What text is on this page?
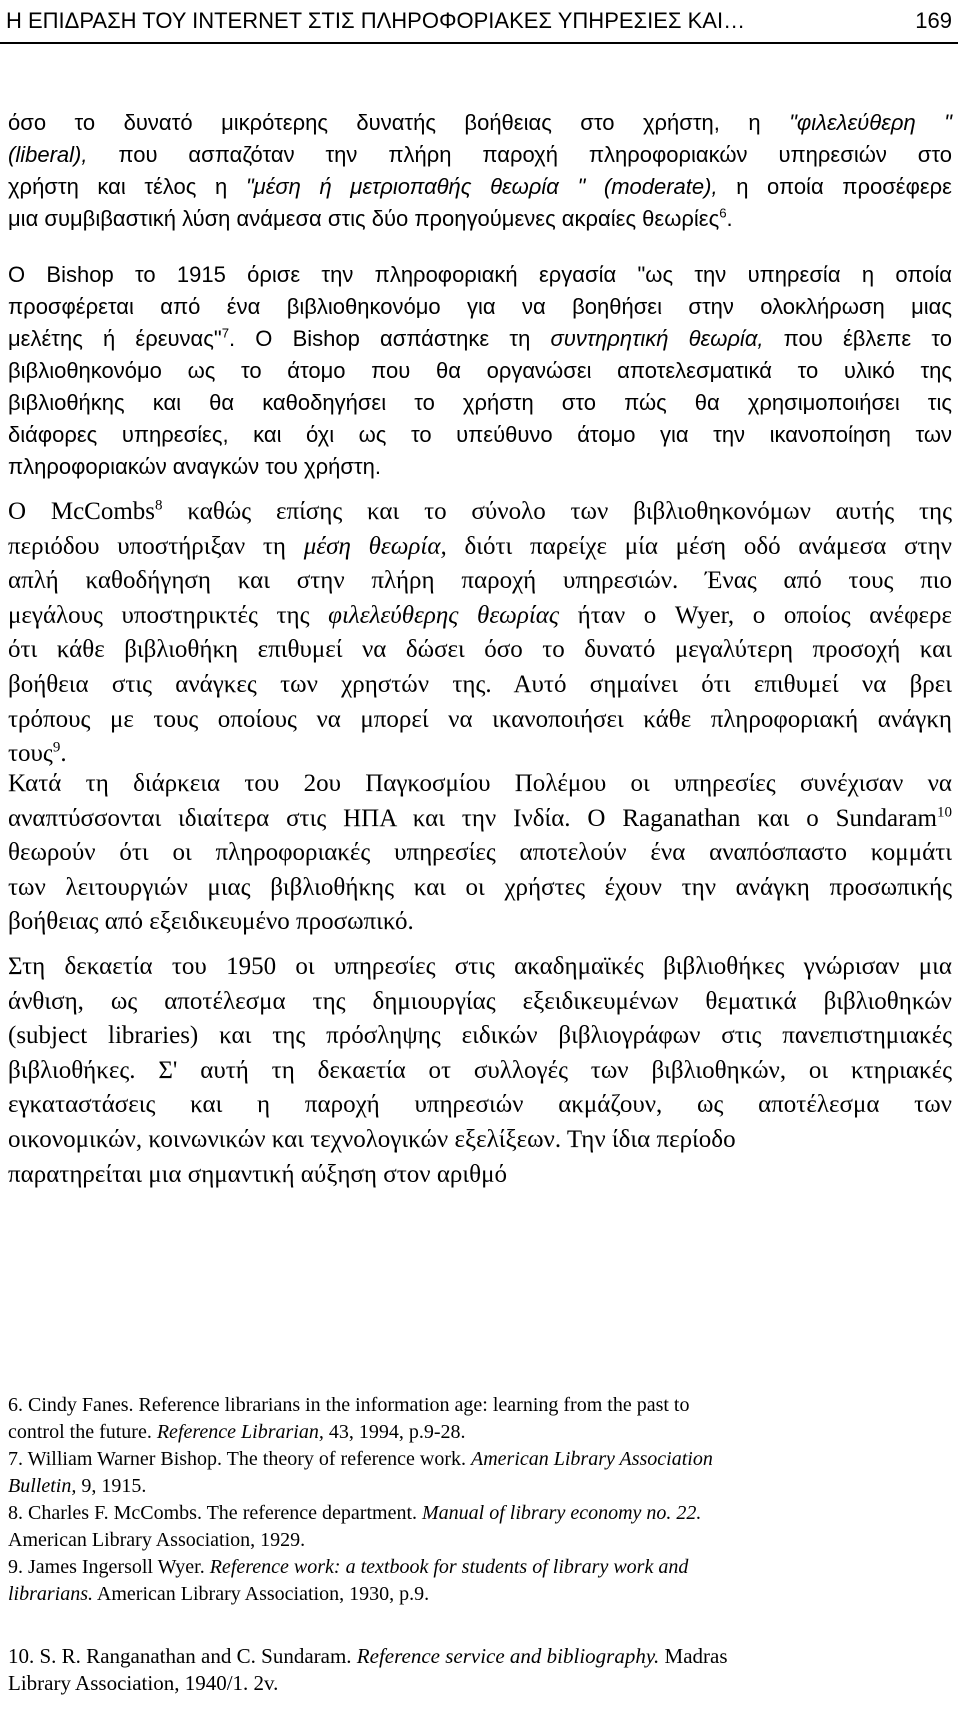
Η ΕΠΙΔΡΑΣΗ ΤΟΥ INTERNET ΣΤΙΣ ΠΛΗΡΟΦΟΡΙΑΚΕΣ ΥΠΗΡΕΣΙΕΣ ΚΑΙ…	169
όσο το δυνατό μικρότερης δυνατής βοήθειας στο χρήστη, η "φιλελεύθερη "
(liberal), που ασπαζόταν την πλήρη παροχή πληροφοριακών υπηρεσιών στο
χρήστη και τέλος η "μέση ή μετριοπαθής θεωρία " (moderate), η οποία προσέφερε
μια συμβιβαστική λύση ανάμεσα στις δύο προηγούμενες ακραίες θεωρίες$^6$.
Ο Bishop το 1915 όρισε την πληροφοριακή εργασία "ως την υπηρεσία η οποία
προσφέρεται από ένα βιβλιοθηκονόμο για να βοηθήσει στην ολοκλήρωση μιας
μελέτης ή έρευνας"$^7$. Ο Bishop ασπάστηκε τη συντηρητική θεωρία, που έβλεπε το
βιβλιοθηκονόμο ως το άτομο που θα οργανώσει αποτελεσματικά το υλικό της
βιβλιοθήκης και θα καθοδηγήσει το χρήστη στο πώς θα χρησιμοποιήσει τις
διάφορες υπηρεσίες, και όχι ως το υπεύθυνο άτομο για την ικανοποίηση των
πληροφοριακών αναγκών του χρήστη.
Ο McCombs$^8$ καθώς επίσης και το σύνολο των βιβλιοθηκονόμων αυτής της
περιόδου υποστήριξαν τη μέση θεωρία, διότι παρείχε μία μέση οδό ανάμεσα στην
απλή καθοδήγηση και στην πλήρη παροχή υπηρεσιών. Ένας από τους πιο
μεγάλους υποστηρικτές της φιλελεύθερης θεωρίας ήταν ο Wyer, ο οποίος ανέφερε
ότι κάθε βιβλιοθήκη επιθυμεί να δώσει όσο το δυνατό μεγαλύτερη προσοχή και
βοήθεια στις ανάγκες των χρηστών της. Αυτό σημαίνει ότι επιθυμεί να βρει
τρόπους με τους οποίους να μπορεί να ικανοποιήσει κάθε πληροφοριακή ανάγκη
τους$^9$.
Κατά τη διάρκεια του 2ου Παγκοσμίου Πολέμου οι υπηρεσίες συνέχισαν να
αναπτύσσονται ιδιαίτερα στις ΗΠΑ και την Ινδία. Ο Raganathan και ο Sundaram$^{10}$
θεωρούν ότι οι πληροφοριακές υπηρεσίες αποτελούν ένα αναπόσπαστο κομμάτι
των λειτουργιών μιας βιβλιοθήκης και οι χρήστες έχουν την ανάγκη προσωπικής
βοήθειας από εξειδικευμένο προσωπικό.
Στη δεκαετία του 1950 οι υπηρεσίες στις ακαδημαϊκές βιβλιοθήκες γνώρισαν μια
άνθιση, ως αποτέλεσμα της δημιουργίας εξειδικευμένων θεματικά βιβλιοθηκών
(subject libraries) και της πρόσληψης ειδικών βιβλιογράφων στις πανεπιστημιακές
βιβλιοθήκες. Σ' αυτή τη δεκαετία οτ συλλογές των βιβλιοθηκών, οι κτηριακές
εγκαταστάσεις και η παροχή υπηρεσιών ακμάζουν, ως αποτέλεσμα των
οικονομικών, κοινωνικών και τεχνολογικών εξελίξεων. Την ίδια περίοδο
παρατηρείται μια σημαντική αύξηση στον αριθμό
6. Cindy Fanes. Reference librarians in the information age: learning from the past to
control the future. Reference Librarian, 43, 1994, p.9-28.
7. William Warner Bishop. The theory of reference work. American Library Association
Bulletin, 9, 1915.
8. Charles F. McCombs. The reference department. Manual of library economy no. 22.
American Library Association, 1929.
9. James Ingersoll Wyer. Reference work: a textbook for students of library work and
librarians. American Library Association, 1930, p.9.
10. S. R. Ranganathan and C. Sundaram. Reference service and bibliography. Madras
Library Association, 1940/1. 2v.
